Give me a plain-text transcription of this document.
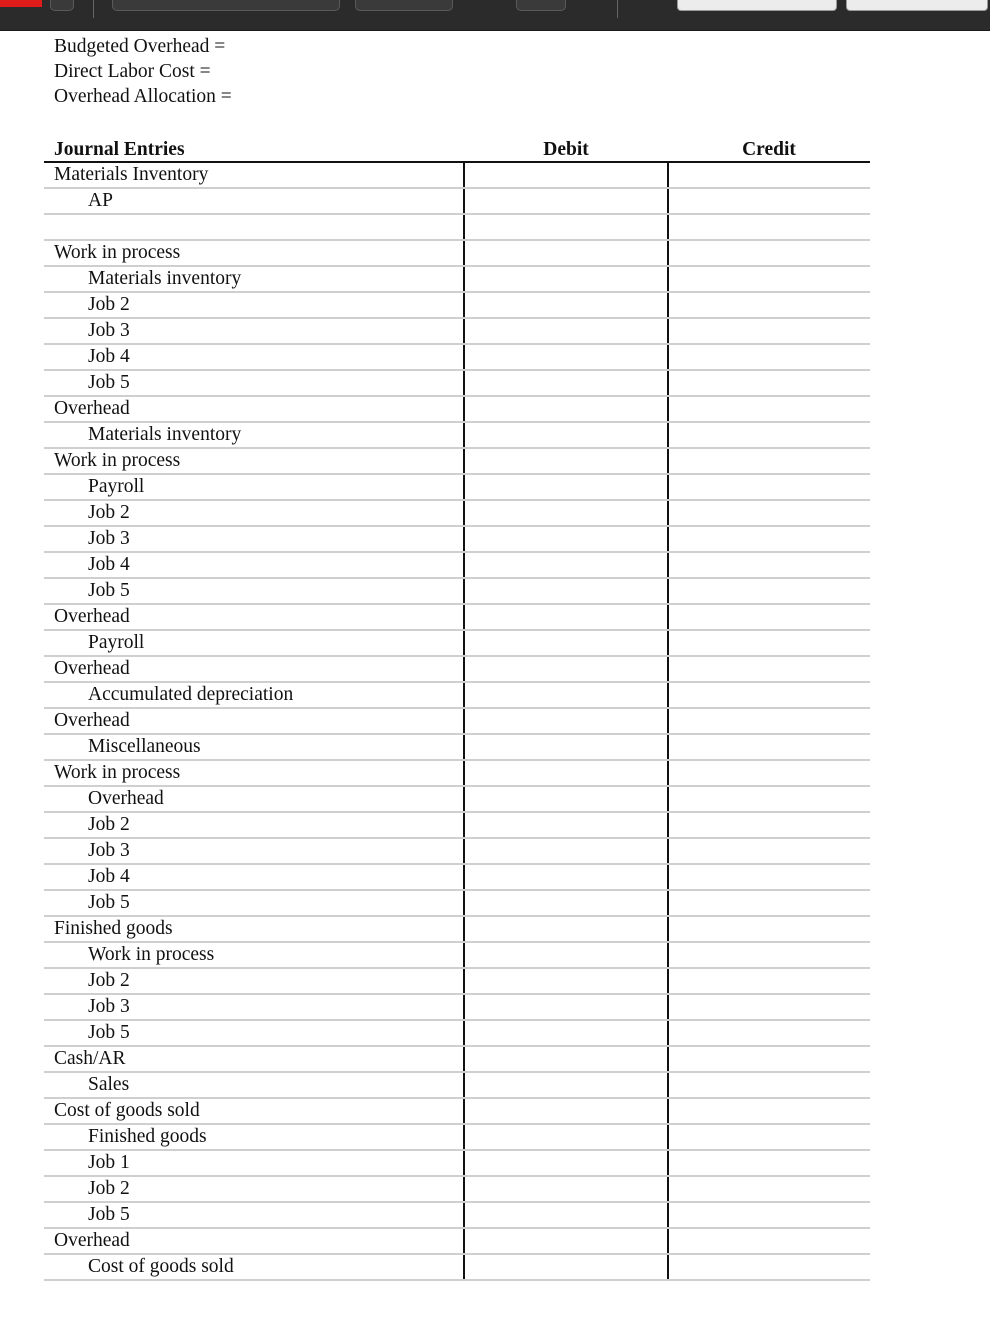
Budgeted Overhead =
Direct Labor Cost =
Overhead Allocation =
Journal Entries	Debit	Credit
Materials Inventory
AP
Work in process
Materials inventory
Job 2
Job 3
Job 4
Job 5
Overhead
Materials inventory
Work in process
Payroll
Job 2
Job 3
Job 4
Job 5
Overhead
Payroll
Overhead
Accumulated depreciation
Overhead
Miscellaneous
Work in process
Overhead
Job 2
Job 3
Job 4
Job 5
Finished goods
Work in process
Job 2
Job 3
Job 5
Cash/AR
Sales
Cost of goods sold
Finished goods
Job 1
Job 2
Job 5
Overhead
Cost of goods sold
